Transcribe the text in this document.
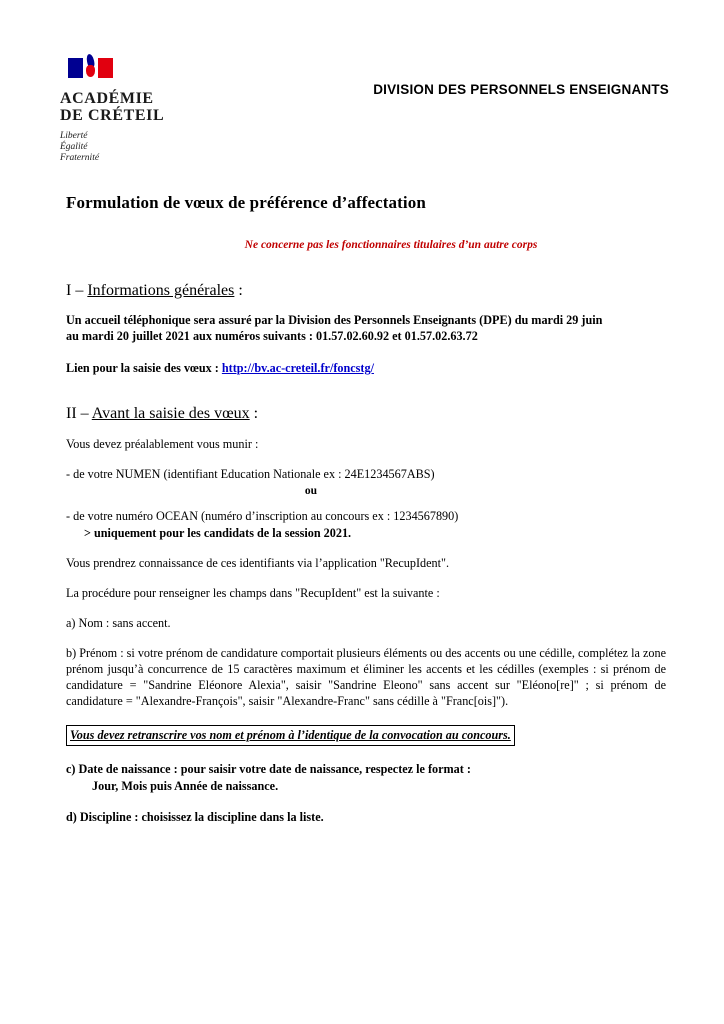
ACADÉMIE
DE CRÉTEIL
Liberté
Égalité
Fraternité
DIVISION DES PERSONNELS ENSEIGNANTS
Formulation de vœux de préférence d’affectation
Ne concerne pas les fonctionnaires titulaires d’un autre corps
I – Informations générales :
Un accueil téléphonique sera assuré par la Division des Personnels Enseignants (DPE) du mardi 29 juin
au mardi 20 juillet 2021 aux numéros suivants : 01.57.02.60.92 et 01.57.02.63.72
Lien pour la saisie des vœux : http://bv.ac-creteil.fr/foncstg/
II – Avant la saisie des vœux :
Vous devez préalablement vous munir :
- de votre NUMEN (identifiant Education Nationale ex : 24E1234567ABS)
ou
- de votre numéro OCEAN (numéro d’inscription au concours ex : 1234567890)
> uniquement pour les candidats de la session 2021.
Vous prendrez connaissance de ces identifiants via l’application "RecupIdent".
La procédure pour renseigner les champs dans "RecupIdent" est la suivante :
a) Nom : sans accent.
b) Prénom : si votre prénom de candidature comportait plusieurs éléments ou des accents ou une cédille, complétez la zone prénom jusqu’à concurrence de 15 caractères maximum et éliminer les accents et les cédilles (exemples : si prénom de candidature = "Sandrine Eléonore Alexia", saisir "Sandrine Eleono" sans accent sur "Eléono[re]" ; si prénom de candidature = "Alexandre-François", saisir "Alexandre-Franc" sans cédille à "Franc[ois]").
Vous devez retranscrire vos nom et prénom à l’identique de la convocation au concours.
c) Date de naissance : pour saisir votre date de naissance, respectez le format :
Jour, Mois puis Année de naissance.
d) Discipline : choisissez la discipline dans la liste.
